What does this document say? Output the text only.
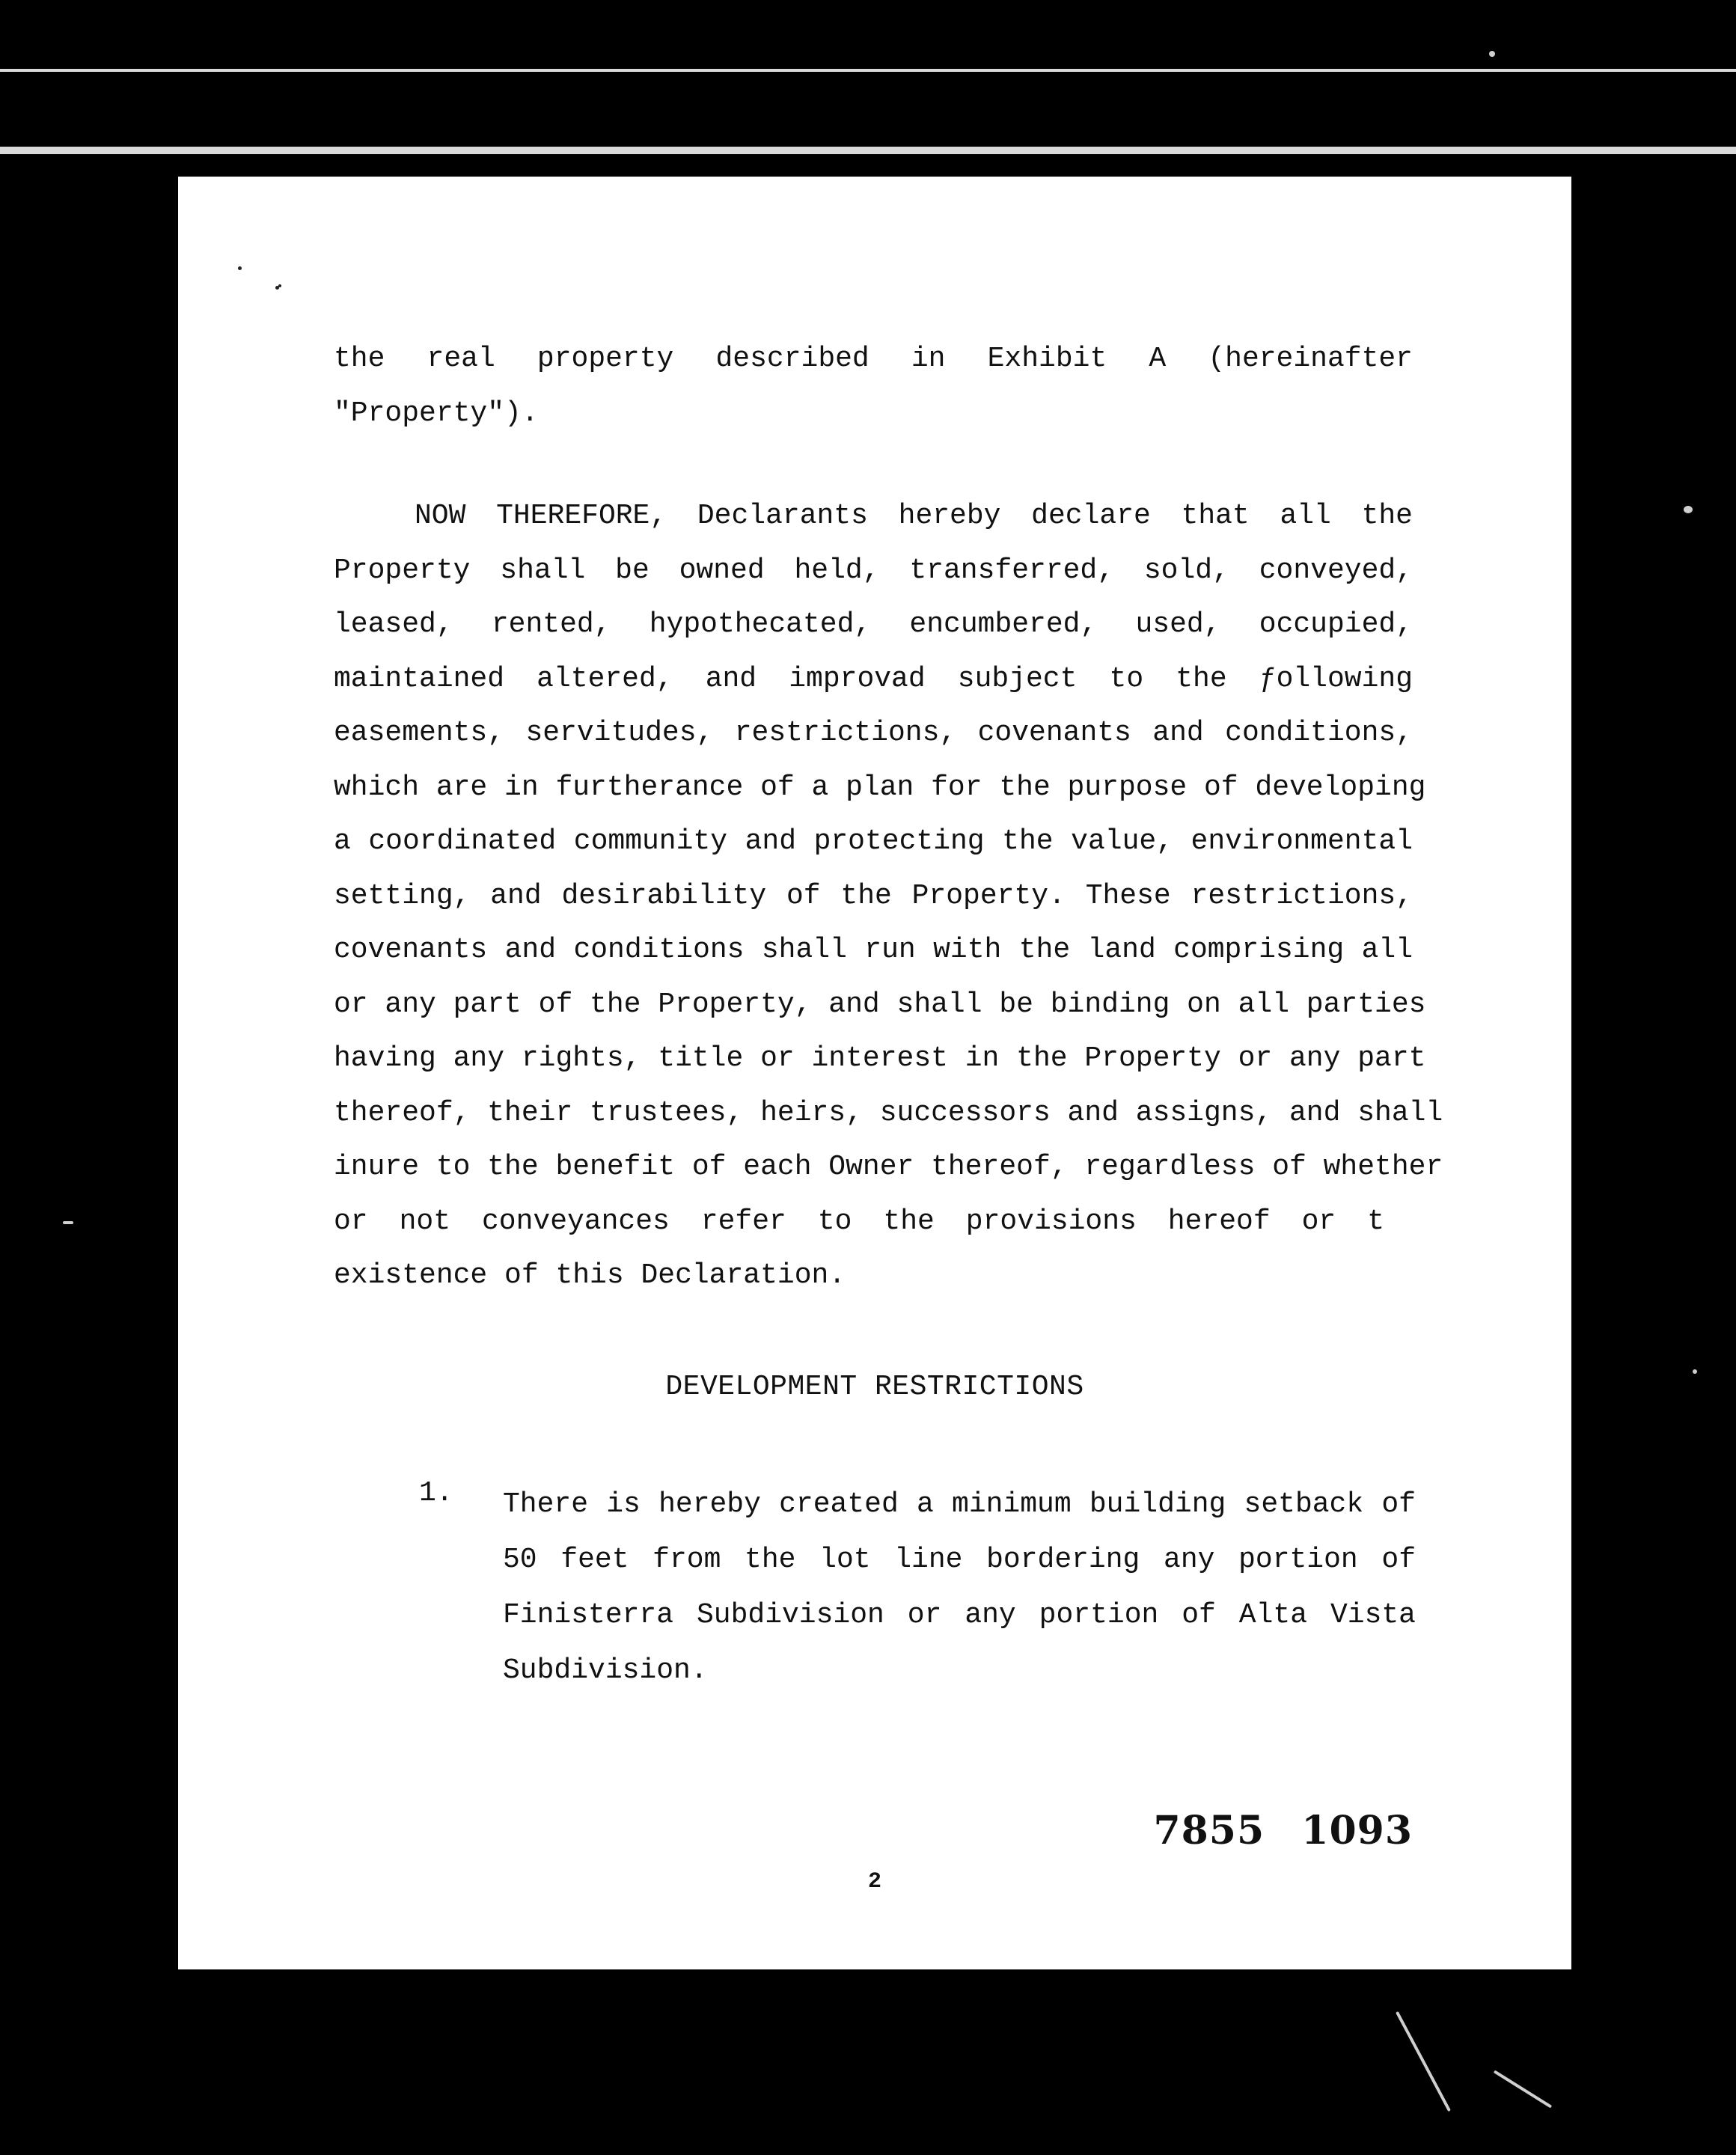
the real property described in Exhibit A (hereinafter
"Property").
NOW THEREFORE, Declarants hereby declare that all the
Property shall be owned held, transferred, sold, conveyed,
leased, rented, hypothecated, encumbered, used, occupied,
maintained altered, and improvad subject to the ƒollowing
easements, servitudes, restrictions, covenants and conditions,
which are in furtherance of a plan for the purpose of developing
a coordinated community and protecting the value, environmental
setting, and desirability of the Property. These restrictions,
covenants and conditions shall run with the land comprising all
or any part of the Property, and shall be binding on all parties
having any rights, title or interest in the Property or any part
thereof, their trustees, heirs, successors and assigns, and shall
inure to the benefit of each Owner thereof, regardless of whether
or not conveyances refer to the provisions hereof or t
existence of this Declaration.
DEVELOPMENT RESTRICTIONS
1. There is hereby created a minimum building setback of
50 feet from the lot line bordering any portion of
Finisterra Subdivision or any portion of Alta Vista
Subdivision.
7855 1093
2
